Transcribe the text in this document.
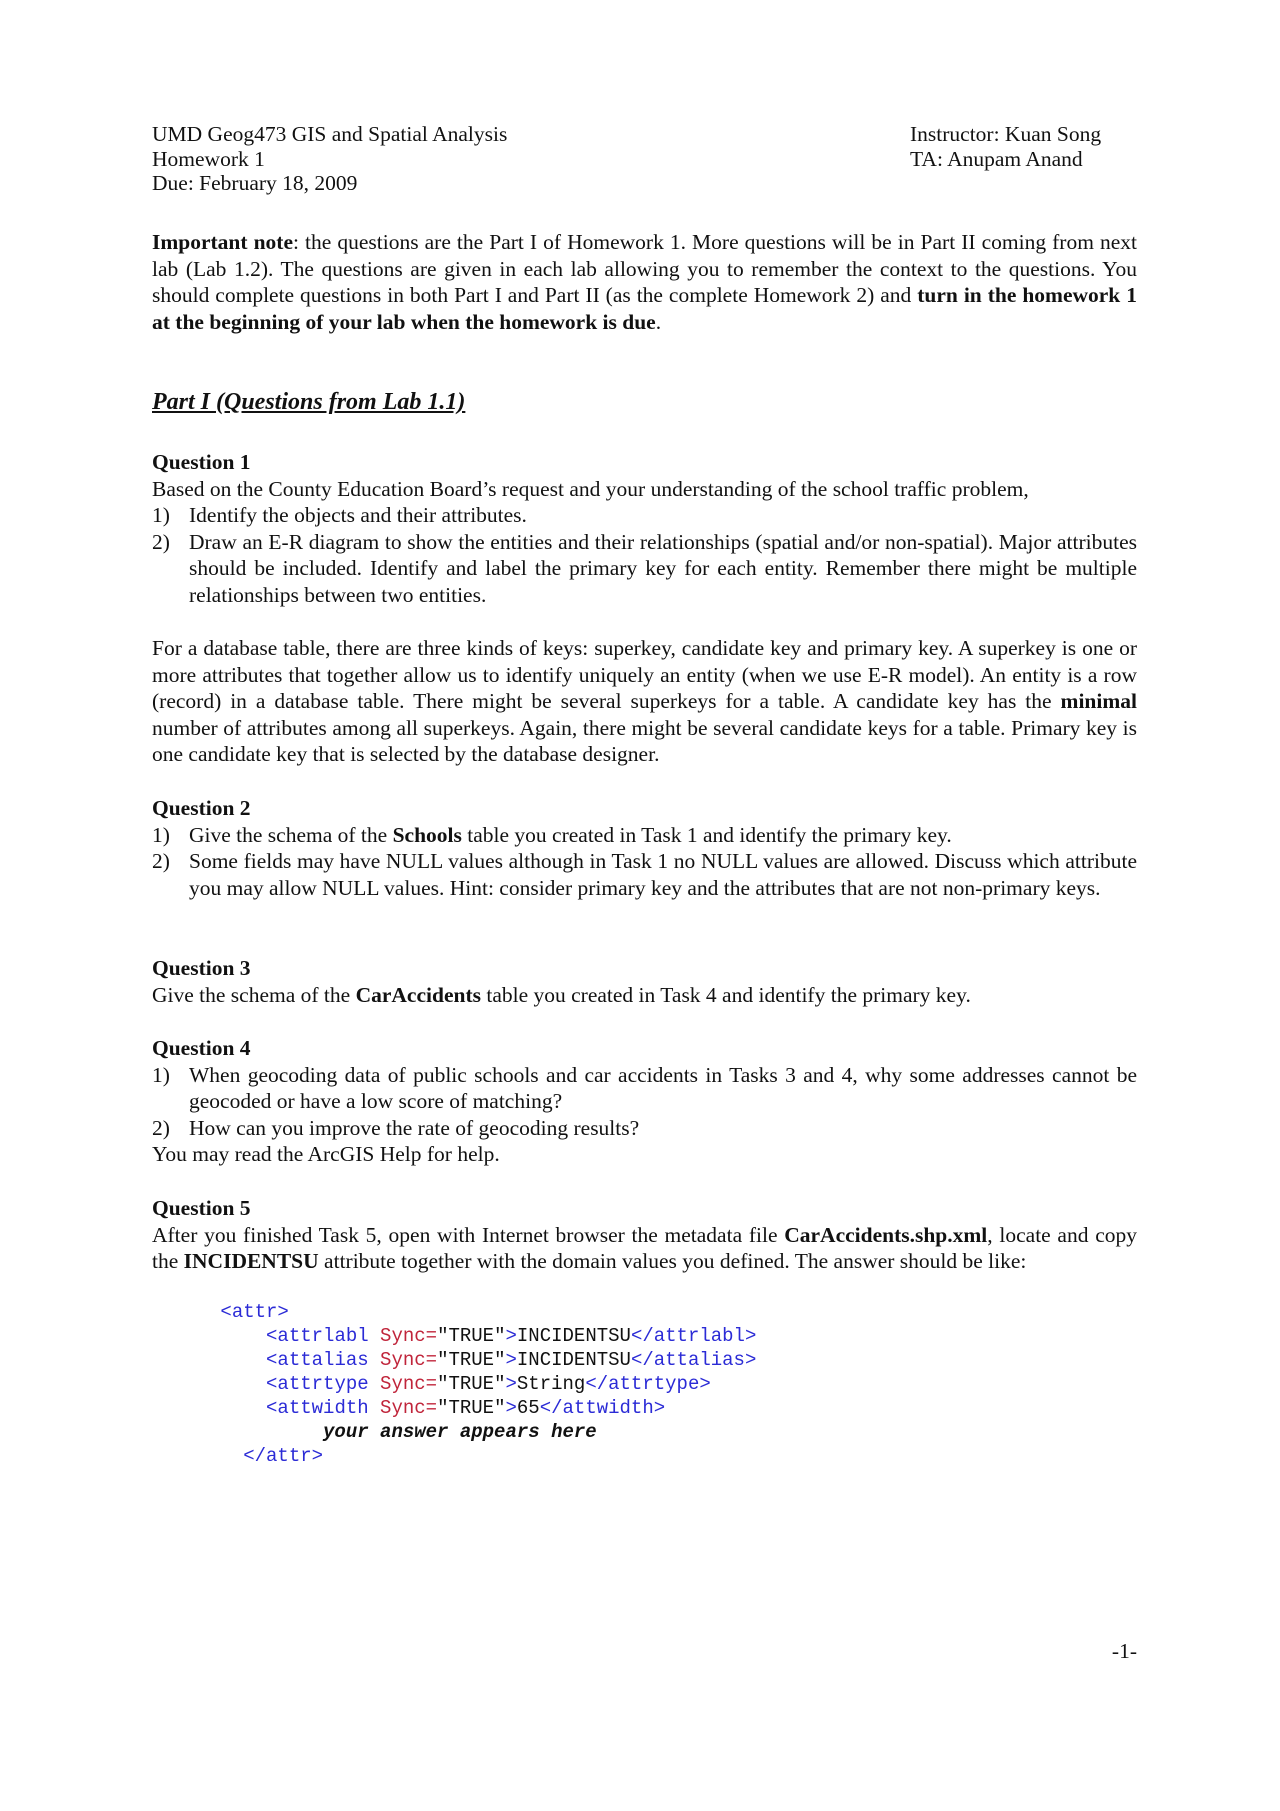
UMD Geog473 GIS and Spatial Analysis
Homework 1
Due: February 18, 2009
Instructor: Kuan Song
TA: Anupam Anand
Important note: the questions are the Part I of Homework 1. More questions will be in Part II coming from next lab (Lab 1.2). The questions are given in each lab allowing you to remember the context to the questions. You should complete questions in both Part I and Part II (as the complete Homework 2) and turn in the homework 1 at the beginning of your lab when the homework is due.
Part I (Questions from Lab 1.1)
Question 1
Based on the County Education Board’s request and your understanding of the school traffic problem,
1) Identify the objects and their attributes.
2) Draw an E-R diagram to show the entities and their relationships (spatial and/or non-spatial). Major attributes should be included. Identify and label the primary key for each entity. Remember there might be multiple relationships between two entities.
For a database table, there are three kinds of keys: superkey, candidate key and primary key. A superkey is one or more attributes that together allow us to identify uniquely an entity (when we use E-R model). An entity is a row (record) in a database table. There might be several superkeys for a table. A candidate key has the minimal number of attributes among all superkeys. Again, there might be several candidate keys for a table. Primary key is one candidate key that is selected by the database designer.
Question 2
1) Give the schema of the Schools table you created in Task 1 and identify the primary key.
2) Some fields may have NULL values although in Task 1 no NULL values are allowed. Discuss which attribute you may allow NULL values. Hint: consider primary key and the attributes that are not non-primary keys.
Question 3
Give the schema of the CarAccidents table you created in Task 4 and identify the primary key.
Question 4
1) When geocoding data of public schools and car accidents in Tasks 3 and 4, why some addresses cannot be geocoded or have a low score of matching?
2) How can you improve the rate of geocoding results?
You may read the ArcGIS Help for help.
Question 5
After you finished Task 5, open with Internet browser the metadata file CarAccidents.shp.xml, locate and copy the INCIDENTSU attribute together with the domain values you defined. The answer should be like:
<attr>
<attrlabl Sync="TRUE">INCIDENTSU</attrlabl>
<attalias Sync="TRUE">INCIDENTSU</attalias>
<attrtype Sync="TRUE">String</attrtype>
<attwidth Sync="TRUE">65</attwidth>
your answer appears here
</attr>
-1-
